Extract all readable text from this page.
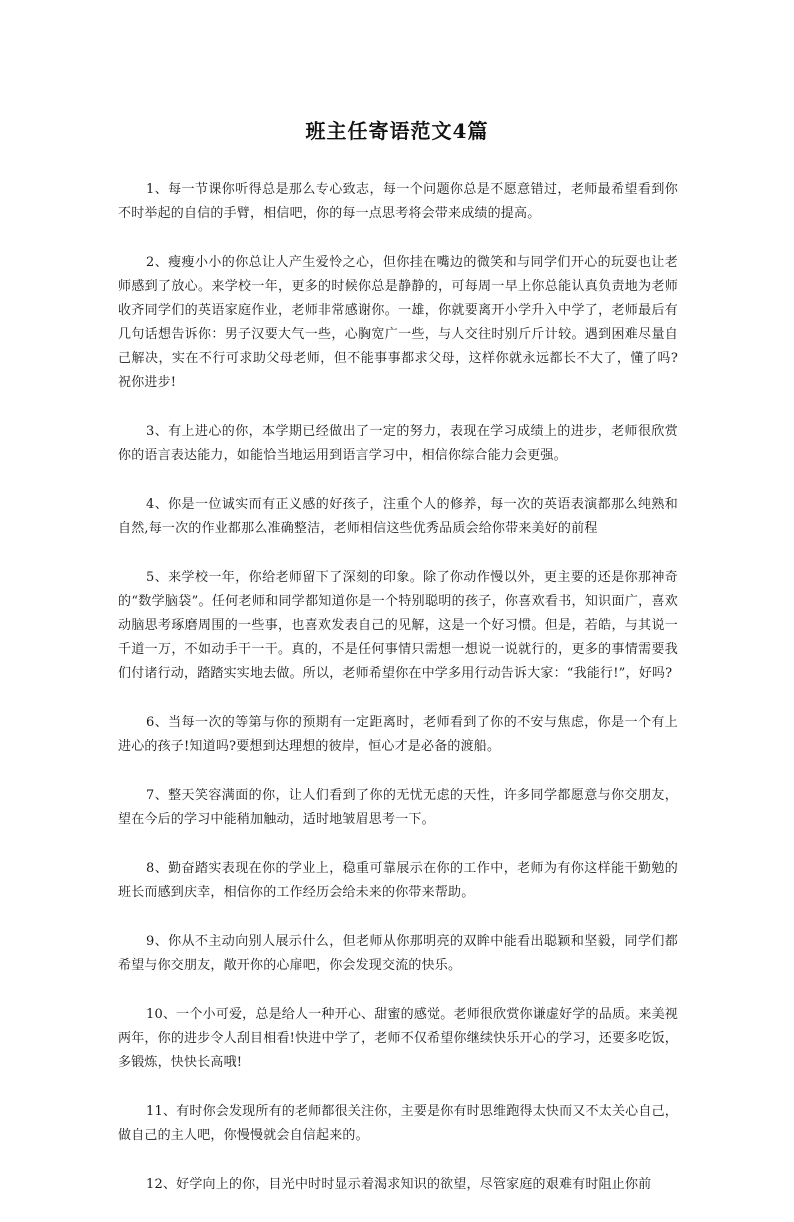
班主任寄语范文4篇

1、每一节课你听得总是那么专心致志，每一个问题你总是不愿意错过，老师最希望看到你不时举起的自信的手臂，相信吧，你的每一点思考将会带来成绩的提高。

2、瘦瘦小小的你总让人产生爱怜之心，但你挂在嘴边的微笑和与同学们开心的玩耍也让老师感到了放心。来学校一年，更多的时候你总是静静的，可每周一早上你总能认真负责地为老师收齐同学们的英语家庭作业，老师非常感谢你。一雄，你就要离开小学升入中学了，老师最后有几句话想告诉你：男子汉要大气一些，心胸宽广一些，与人交往时别斤斤计较。遇到困难尽量自己解决，实在不行可求助父母老师，但不能事事都求父母，这样你就永远都长不大了，懂了吗?祝你进步!

3、有上进心的你，本学期已经做出了一定的努力，表现在学习成绩上的进步，老师很欣赏你的语言表达能力，如能恰当地运用到语言学习中，相信你综合能力会更强。

4、你是一位诚实而有正义感的好孩子，注重个人的修养，每一次的英语表演都那么纯熟和自然,每一次的作业都那么准确整洁，老师相信这些优秀品质会给你带来美好的前程

5、来学校一年，你给老师留下了深刻的印象。除了你动作慢以外，更主要的还是你那神奇的“数学脑袋”。任何老师和同学都知道你是一个特别聪明的孩子，你喜欢看书，知识面广，喜欢动脑思考琢磨周围的一些事，也喜欢发表自己的见解，这是一个好习惯。但是，若皓，与其说一千道一万，不如动手干一干。真的，不是任何事情只需想一想说一说就行的，更多的事情需要我们付诸行动，踏踏实实地去做。所以，老师希望你在中学多用行动告诉大家：“我能行!”，好吗?

6、当每一次的等第与你的预期有一定距离时，老师看到了你的不安与焦虑，你是一个有上进心的孩子!知道吗?要想到达理想的彼岸，恒心才是必备的渡船。

7、整天笑容满面的你，让人们看到了你的无忧无虑的天性，许多同学都愿意与你交朋友，望在今后的学习中能稍加触动，适时地皱眉思考一下。

8、勤奋踏实表现在你的学业上，稳重可靠展示在你的工作中，老师为有你这样能干勤勉的班长而感到庆幸，相信你的工作经历会给未来的你带来帮助。

9、你从不主动向别人展示什么，但老师从你那明亮的双眸中能看出聪颖和坚毅，同学们都希望与你交朋友，敞开你的心扉吧，你会发现交流的快乐。

10、一个小可爱，总是给人一种开心、甜蜜的感觉。老师很欣赏你谦虚好学的品质。来美视两年，你的进步令人刮目相看!快进中学了，老师不仅希望你继续快乐开心的学习，还要多吃饭，多锻炼，快快长高哦!

11、有时你会发现所有的老师都很关注你，主要是你有时思维跑得太快而又不太关心自己，做自己的主人吧，你慢慢就会自信起来的。

12、好学向上的你，目光中时时显示着渴求知识的欲望，尽管家庭的艰难有时阻止你前
